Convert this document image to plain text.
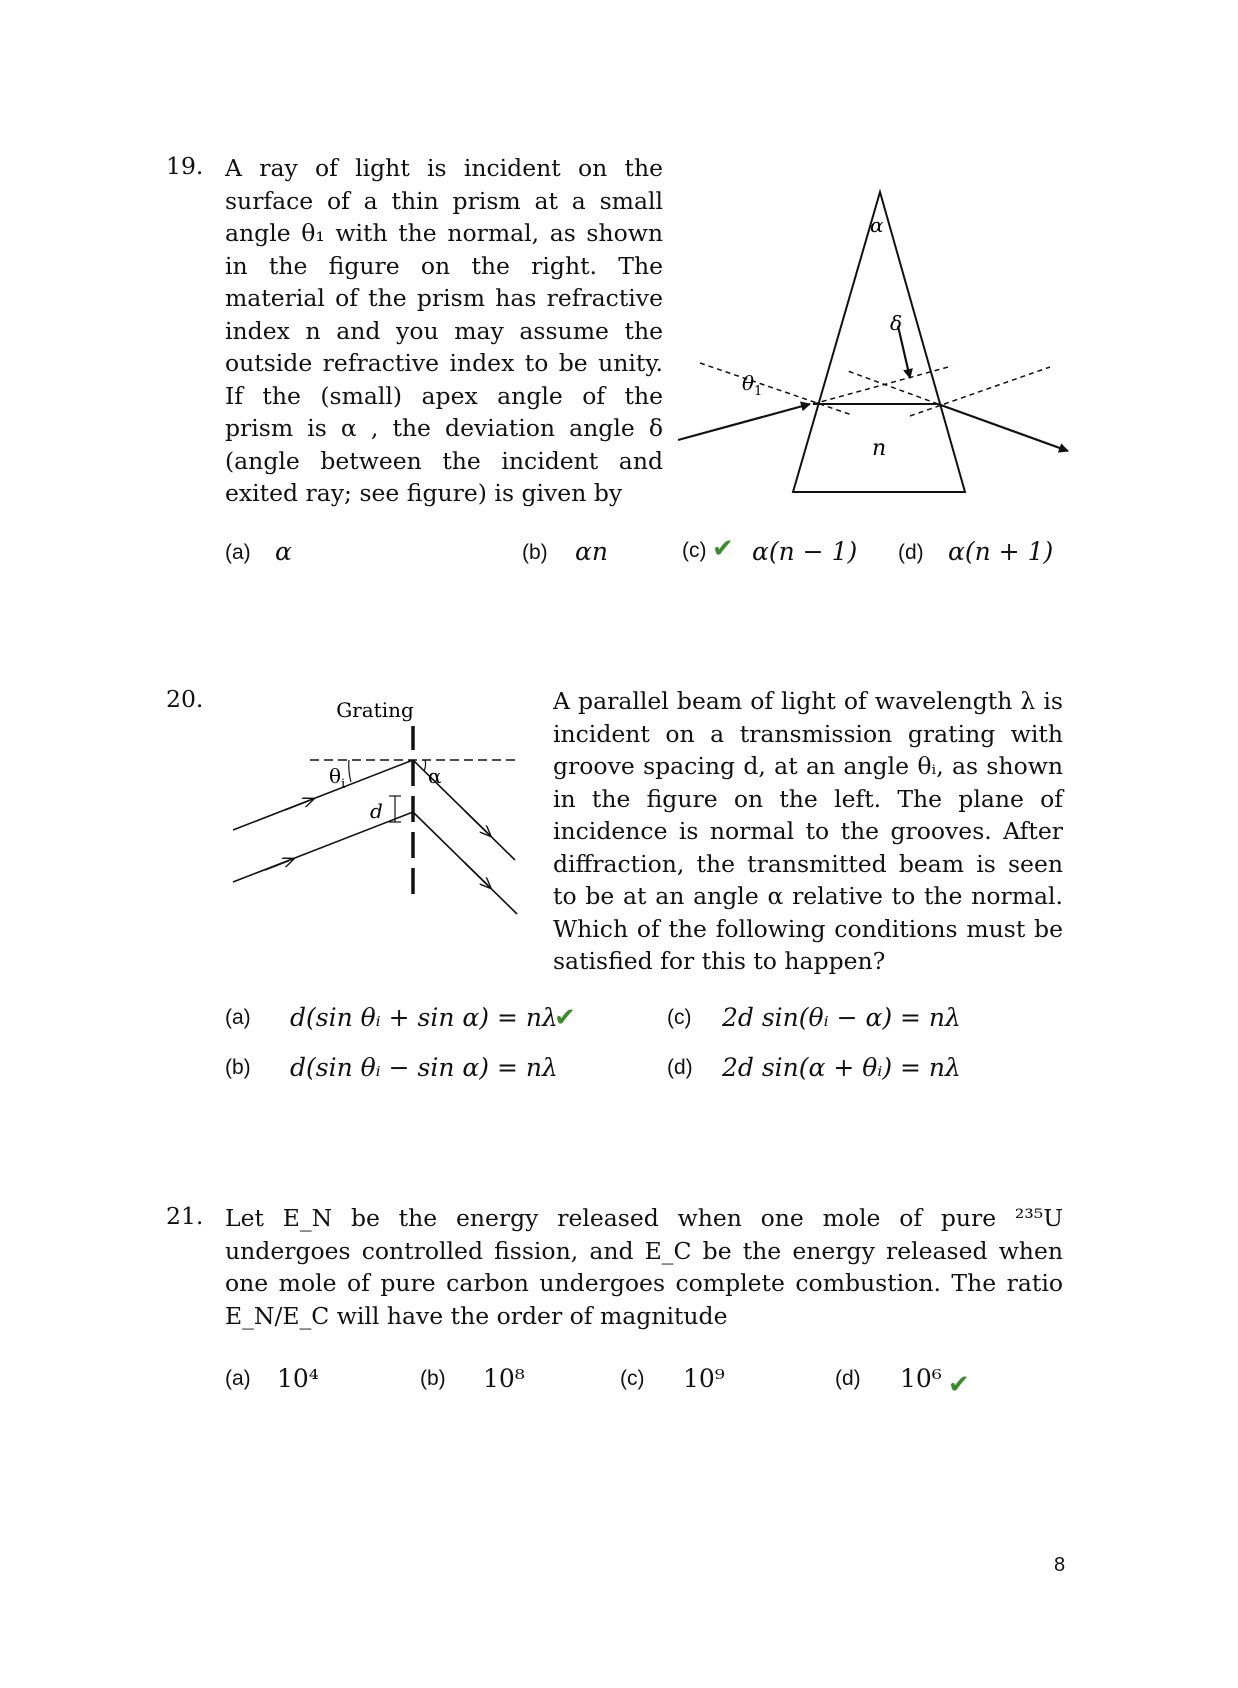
19. A ray of light is incident on the surface of a thin prism at a small angle θ₁ with the normal, as shown in the figure on the right. The material of the prism has refractive index n and you may assume the outside refractive index to be unity. If the (small) apex angle of the prism is α , the deviation angle δ (angle between the incident and exited ray; see figure) is given by
α
δ
$\theta_1$
n
(a) α	(b) αn	(c) ✔ α(n − 1) (d) α(n + 1)
20.	Grating
$\theta_i$	α
d
A parallel beam of light of wavelength λ is incident on a transmission grating with groove spacing d, at an angle θᵢ, as shown in the figure on the left. The plane of incidence is normal to the grooves. After diffraction, the transmitted beam is seen to be at an angle α relative to the normal. Which of the following conditions must be satisfied for this to happen?
(a) d(sin θᵢ + sin α) = nλ
✔
(b) d(sin θᵢ − sin α) = nλ
(c) 2d sin(θᵢ − α) = nλ
(d) 2d sin(α + θᵢ) = nλ
21. Let E_N be the energy released when one mole of pure ²³⁵U undergoes controlled fission, and E_C be the energy released when one mole of pure carbon undergoes complete combustion. The ratio E_N/E_C will have the order of magnitude
(a) 10⁴	(b) 10⁸	(c) 10⁹	(d) 10⁶ ✔
8
